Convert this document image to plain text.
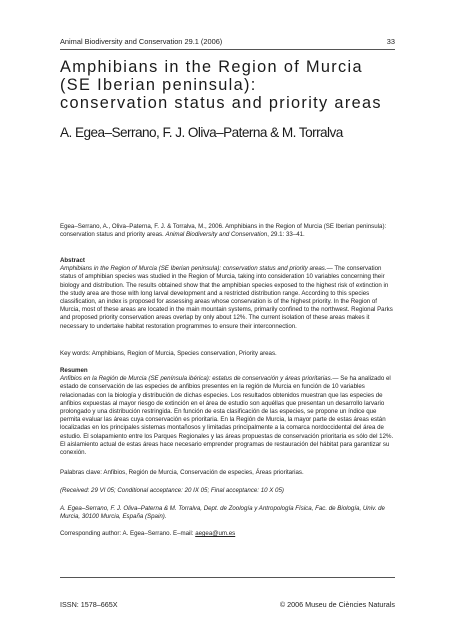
Animal Biodiversity and Conservation 29.1 (2006)	33
Amphibians in the Region of Murcia
(SE Iberian peninsula):
conservation status and priority areas
A. Egea–Serrano, F. J. Oliva–Paterna & M. Torralva

Egea–Serrano, A., Oliva–Paterna, F. J. & Torralva, M., 2006. Amphibians in the Region of Murcia (SE Iberian peninsula): conservation status and priority areas. Animal Biodiversity and Conservation, 29.1: 33–41.

Abstract

Amphibians in the Region of Murcia (SE Iberian peninsula): conservation status and priority areas.— The conservation status of amphibian species was studied in the Region of Murcia, taking into consideration 10 variables concerning their biology and distribution. The results obtained show that the amphibian species exposed to the highest risk of extinction in the study area are those with long larval development and a restricted distribution range. According to this species classification, an index is proposed for assessing areas whose conservation is of the highest priority. In the Region of Murcia, most of these areas are located in the main mountain systems, primarily confined to the northwest. Regional Parks and proposed priority conservation areas overlap by only about 12%. The current isolation of these areas makes it necessary to undertake habitat restoration programmes to ensure their interconnection.

Key words: Amphibians, Region of Murcia, Species conservation, Priority areas.
Resumen

Anfibios en la Región de Murcia (SE península ibérica): estatus de conservación y áreas prioritarias.— Se ha analizado el estado de conservación de las especies de anfibios presentes en la región de Murcia en función de 10 variables relacionadas con la biología y distribución de dichas especies. Los resultados obtenidos muestran que las especies de anfibios expuestas al mayor riesgo de extinción en el área de estudio son aquéllas que presentan un desarrollo larvario prolongado y una distribución restringida. En función de esta clasificación de las especies, se propone un índice que permita evaluar las áreas cuya conservación es prioritaria. En la Región de Murcia, la mayor parte de estas áreas están localizadas en los principales sistemas montañosos y limitadas principalmente a la comarca nordoccidental del área de estudio. El solapamiento entre los Parques Regionales y las áreas propuestas de conservación prioritaria es sólo del 12%. El aislamiento actual de estas áreas hace necesario emprender programas de restauración del hábitat para garantizar su conexión.

Palabras clave: Anfibios, Región de Murcia, Conservación de especies, Áreas prioritarias.
(Received: 29 VI 05; Conditional acceptance: 20 IX 05; Final acceptance: 10 X 05)
A. Egea–Serrano, F. J. Oliva–Paterna & M. Torralva, Dept. de Zoología y Antropología Física, Fac. de Biología, Univ. de Murcia, 30100 Murcia, España (Spain).
Corresponding author: A. Egea–Serrano. E–mail: aegea@um.es
ISSN: 1578–665X	© 2006 Museu de Ciències Naturals
